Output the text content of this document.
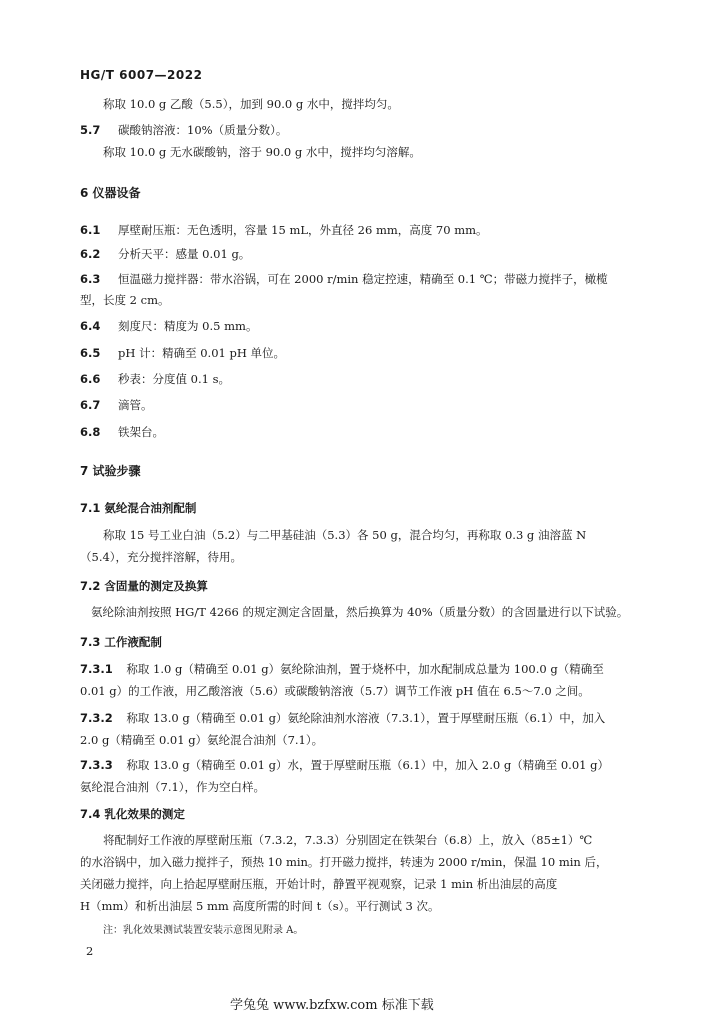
HG/T 6007—2022
称取 10.0 g 乙酸（5.5），加到 90.0 g 水中，搅拌均匀。
5.7 碳酸钠溶液：10%（质量分数）。
称取 10.0 g 无水碳酸钠，溶于 90.0 g 水中，搅拌均匀溶解。
6 仪器设备
6.1 厚壁耐压瓶：无色透明，容量 15 mL，外直径 26 mm，高度 70 mm。
6.2 分析天平：感量 0.01 g。
6.3 恒温磁力搅拌器：带水浴锅，可在 2000 r/min 稳定控速，精确至 0.1 ℃；带磁力搅拌子，橄榄
型，长度 2 cm。
6.4 刻度尺：精度为 0.5 mm。
6.5 pH 计：精确至 0.01 pH 单位。
6.6 秒表：分度值 0.1 s。
6.7 滴管。
6.8 铁架台。
7 试验步骤
7.1 氨纶混合油剂配制
称取 15 号工业白油（5.2）与二甲基硅油（5.3）各 50 g，混合均匀，再称取 0.3 g 油溶蓝 N
（5.4），充分搅拌溶解，待用。
7.2 含固量的测定及换算
氨纶除油剂按照 HG/T 4266 的规定测定含固量，然后换算为 40%（质量分数）的含固量进行以下试验。
7.3 工作液配制
7.3.1 称取 1.0 g（精确至 0.01 g）氨纶除油剂，置于烧杯中，加水配制成总量为 100.0 g（精确至
0.01 g）的工作液，用乙酸溶液（5.6）或碳酸钠溶液（5.7）调节工作液 pH 值在 6.5～7.0 之间。
7.3.2 称取 13.0 g（精确至 0.01 g）氨纶除油剂水溶液（7.3.1），置于厚壁耐压瓶（6.1）中，加入
2.0 g（精确至 0.01 g）氨纶混合油剂（7.1）。
7.3.3 称取 13.0 g（精确至 0.01 g）水，置于厚壁耐压瓶（6.1）中，加入 2.0 g（精确至 0.01 g）
氨纶混合油剂（7.1），作为空白样。
7.4 乳化效果的测定
将配制好工作液的厚壁耐压瓶（7.3.2，7.3.3）分别固定在铁架台（6.8）上，放入（85±1）℃
的水浴锅中，加入磁力搅拌子，预热 10 min。打开磁力搅拌，转速为 2000 r/min，保温 10 min 后，
关闭磁力搅拌，向上拾起厚壁耐压瓶，开始计时，静置平视观察，记录 1 min 析出油层的高度
H（mm）和析出油层 5 mm 高度所需的时间 t（s）。平行测试 3 次。
注：乳化效果测试装置安装示意图见附录 A。
2
学兔兔 www.bzfxw.com 标准下载
